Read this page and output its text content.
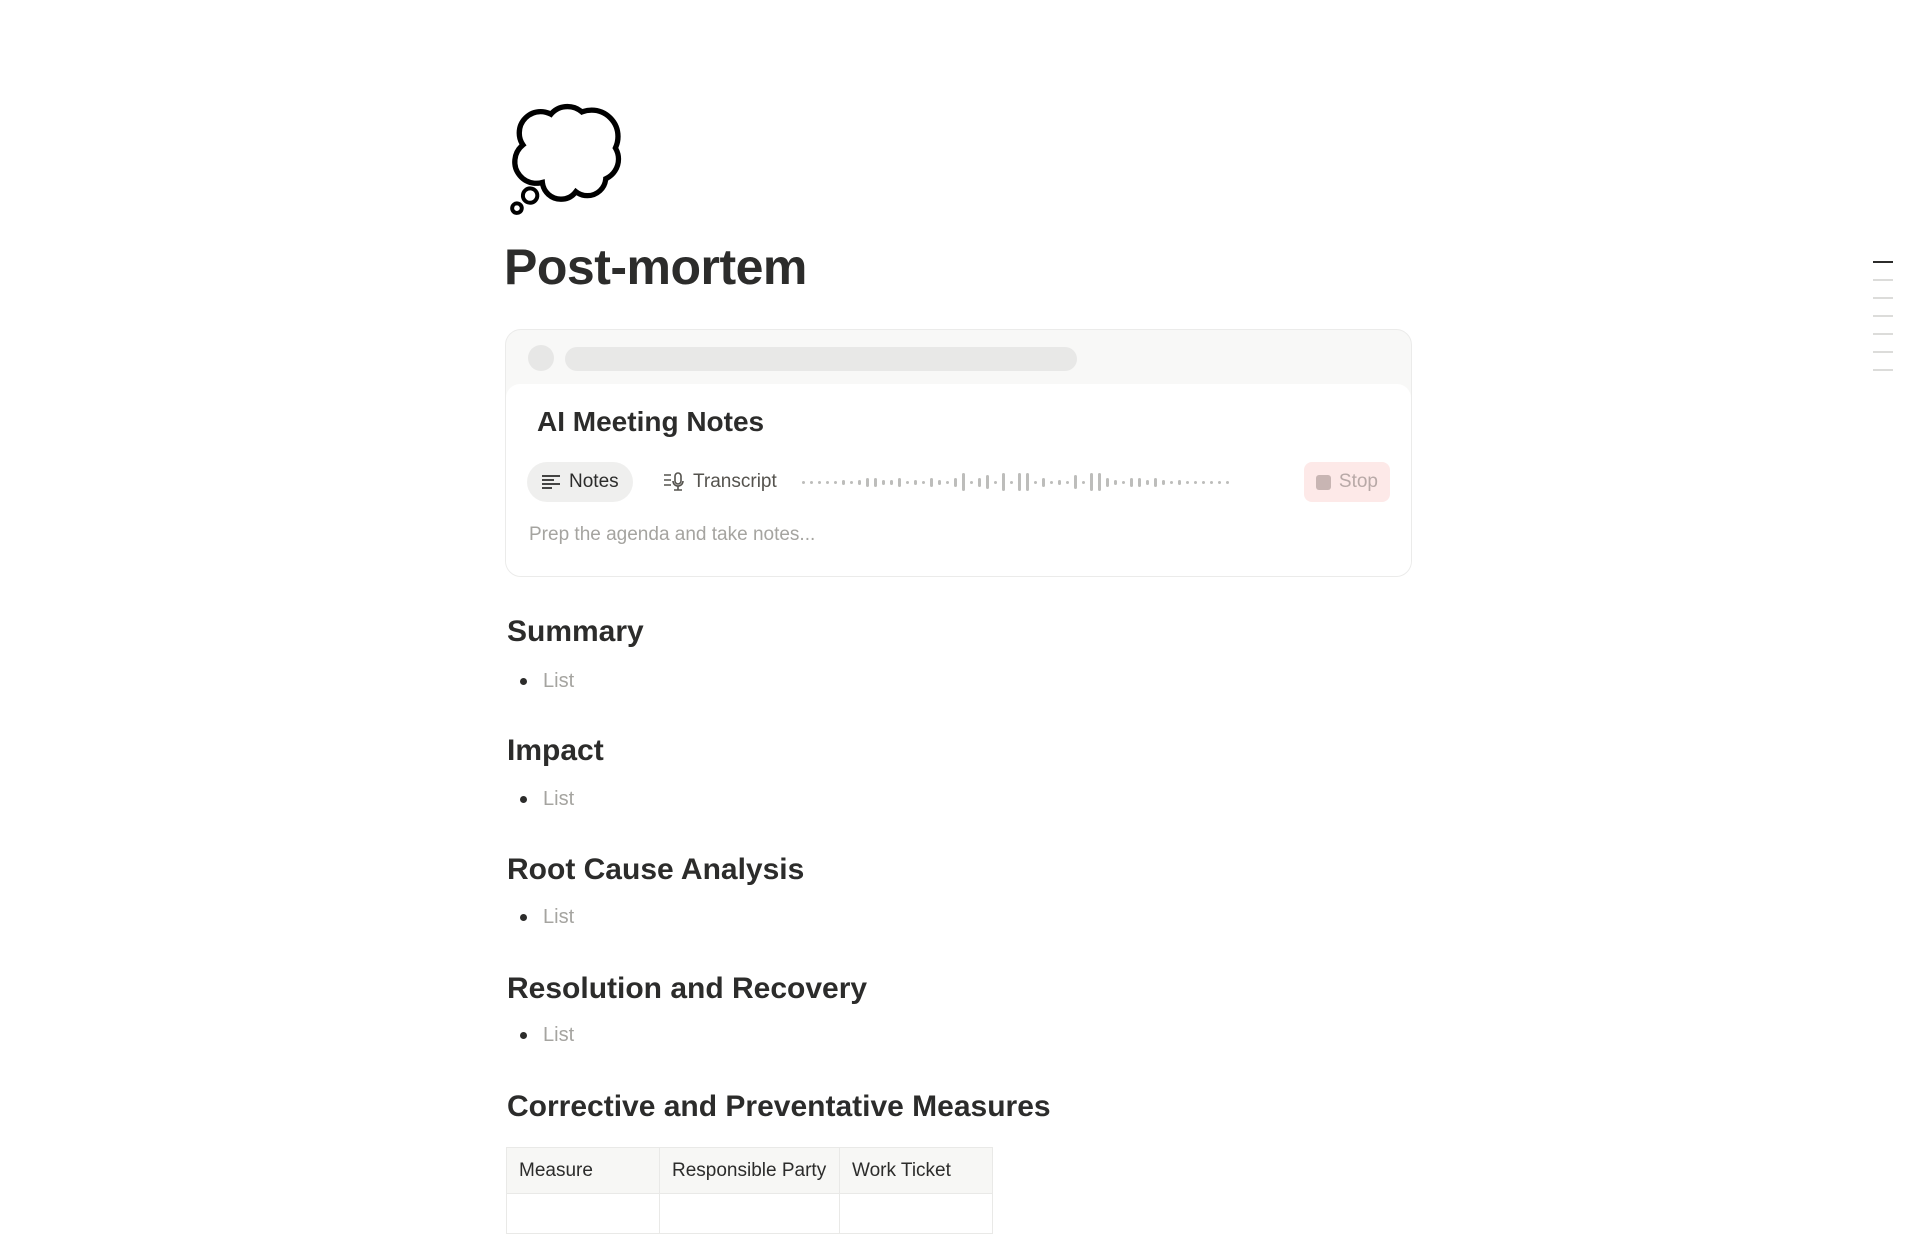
💭
Post-mortem
AI Meeting Notes
Notes	Transcript	Stop
Prep the agenda and take notes...
Summary
List
Impact
List
Root Cause Analysis
List
Resolution and Recovery
List
Corrective and Preventative Measures
Measure	Responsible Party	Work Ticket
